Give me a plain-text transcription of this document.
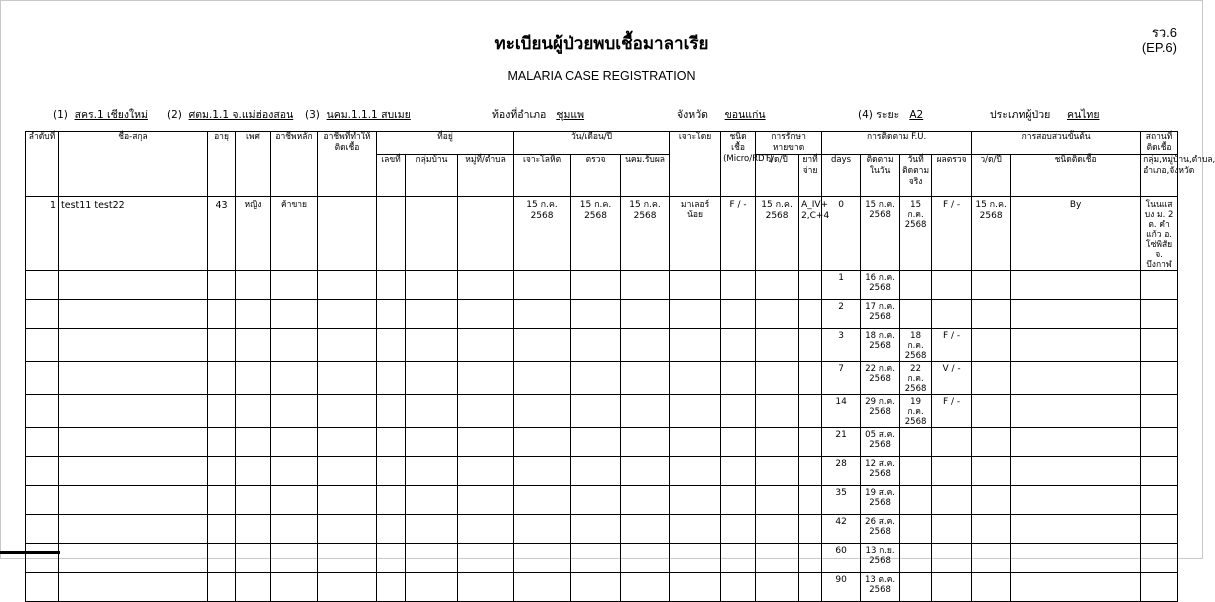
ทะเบียนผู้ป่วยพบเชื้อมาลาเรีย
MALARIA CASE REGISTRATION
รว.6
(EP.6)
(1) สคร.1 เชียงใหม่ (2) ศตม.1.1 จ.แม่ฮ่องสอน (3) นคม.1.1.1 สบเมย	ท้องที่อำเภอ ชุมแพ	จังหวัด ขอนแก่น	(4) ระยะ A2	ประเภทผู้ป่วย คนไทย
ลำดับที่	ชื่อ-สกุล	อายุ	เพศ	อาชีพหลัก	อาชีพที่ทำให้ติดเชื้อ	ที่อยู่			วัน/เดือน/ปี			เจาะโดย	ชนิดเชื้อ (Micro/RDT)	การรักษาหายขาด		การติดตาม F.U.				การสอบสวนขั้นต้น		สถานที่ติดเชื้อ
						เลขที่	กลุ่มบ้าน	หมู่ที่/ตำบล	เจาะโลหิต	ตรวจ	นคม.รับผล			ว/ด/ปี	ยาที่จ่าย	days	ติดตามในวัน	วันที่ติดตามจริง	ผลตรวจ	ว/ด/ปี	ชนิดติดเชื้อ	กลุ่ม,หมู่บ้าน,ตำบล, อำเภอ,จังหวัด
1	test11 test22	43	หญิง	ค้าขาย					15 ก.ค. 2568	15 ก.ค. 2568	15 ก.ค. 2568	มาเลอร์ น้อย	F / -	15 ก.ค. 2568	A_IV+ 2,C+4	0	15 ก.ค. 2568	15 ก.ค. 2568	F / -	15 ก.ค. 2568	By	โนนแสบง ม. 2 ต. คำแก้ว อ. โซ่พิสัย จ. บึงกาฬ
																1	16 ก.ค. 2568					
																2	17 ก.ค. 2568					
																3	18 ก.ค. 2568	18 ก.ค. 2568	F / -			
																7	22 ก.ค. 2568	22 ก.ค. 2568	V / -			
																14	29 ก.ค. 2568	19 ก.ค. 2568	F / -			
																21	05 ส.ค. 2568					
																28	12 ส.ค. 2568					
																35	19 ส.ค. 2568					
																42	26 ส.ค. 2568					
																60	13 ก.ย. 2568					
																90	13 ต.ค. 2568					
